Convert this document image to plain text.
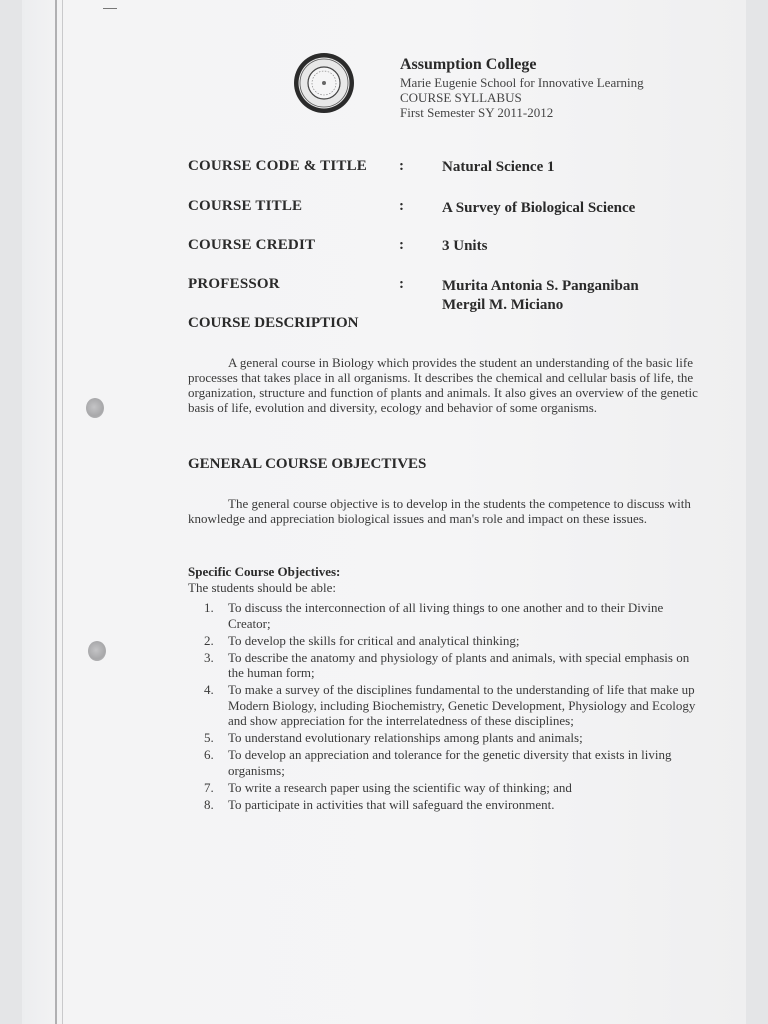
Assumption College
Marie Eugenie School for Innovative Learning
COURSE SYLLABUS
First Semester SY 2011-2012
COURSE CODE & TITLE :	Natural Science 1
COURSE TITLE	:	A Survey of Biological Science
COURSE CREDIT	:	3 Units
PROFESSOR	:	Murita Antonia S. Panganiban
Mergil M. Miciano
COURSE DESCRIPTION
A general course in Biology which provides the student an understanding of the basic life processes that takes place in all organisms. It describes the chemical and cellular basis of life, the organization, structure and function of plants and animals. It also gives an overview of the genetic basis of life, evolution and diversity, ecology and behavior of some organisms.
GENERAL COURSE OBJECTIVES
The general course objective is to develop in the students the competence to discuss with knowledge and appreciation biological issues and man's role and impact on these issues.
Specific Course Objectives:
The students should be able:
1. To discuss the interconnection of all living things to one another and to their Divine Creator;
2. To develop the skills for critical and analytical thinking;
3. To describe the anatomy and physiology of plants and animals, with special emphasis on the human form;
4. To make a survey of the disciplines fundamental to the understanding of life that make up Modern Biology, including Biochemistry, Genetic Development, Physiology and Ecology and show appreciation for the interrelatedness of these disciplines;
5. To understand evolutionary relationships among plants and animals;
6. To develop an appreciation and tolerance for the genetic diversity that exists in living organisms;
7. To write a research paper using the scientific way of thinking; and
8. To participate in activities that will safeguard the environment.
